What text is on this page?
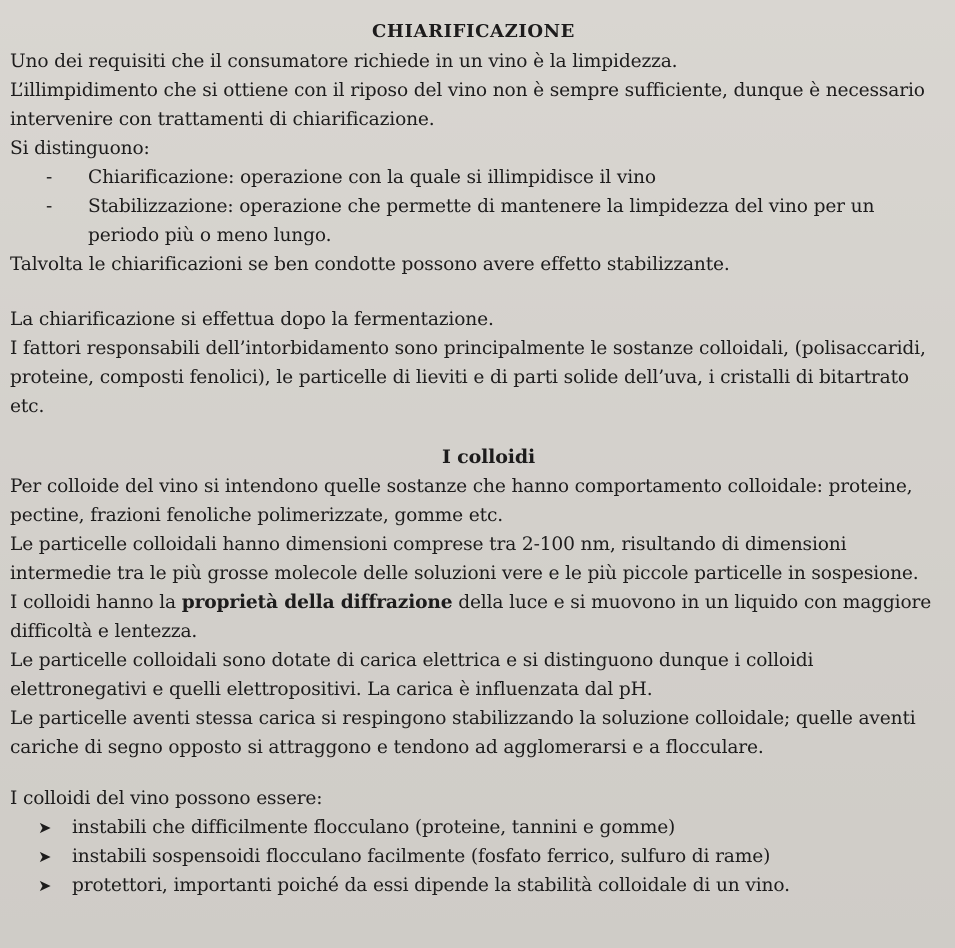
CHIARIFICAZIONE

Uno dei requisiti che il consumatore richiede in un vino è la limpidezza.

L’illimpidimento che si ottiene con il riposo del vino non è sempre sufficiente, dunque è necessario intervenire con trattamenti di chiarificazione.

Si distinguono:

- Chiarificazione: operazione con la quale si illimpidisce il vino
- Stabilizzazione: operazione che permette di mantenere la limpidezza del vino per un periodo più o meno lungo.

Talvolta le chiarificazioni se ben condotte possono avere effetto stabilizzante.

La chiarificazione si effettua dopo la fermentazione.

I fattori responsabili dell’intorbidamento sono principalmente le sostanze colloidali, (polisaccaridi, proteine, composti fenolici), le particelle di lieviti e di parti solide dell’uva, i cristalli di bitartrato etc.

I colloidi

Per colloide del vino si intendono quelle sostanze che hanno comportamento colloidale: proteine, pectine, frazioni fenoliche polimerizzate, gomme etc.

Le particelle colloidali hanno dimensioni comprese tra 2-100 nm, risultando di dimensioni intermedie tra le più grosse molecole delle soluzioni vere e le più piccole particelle in sospesione.

I colloidi hanno la proprietà della diffrazione della luce e si muovono in un liquido con maggiore difficoltà e lentezza.

Le particelle colloidali sono dotate di carica elettrica e si distinguono dunque i colloidi elettronegativi e quelli elettropositivi. La carica è influenzata dal pH.

Le particelle aventi stessa carica si respingono stabilizzando la soluzione colloidale; quelle aventi cariche di segno opposto si attraggono e tendono ad agglomerarsi e a flocculare.

I colloidi del vino possono essere:

➤ instabili che difficilmente flocculano (proteine, tannini e gomme)
➤ instabili sospensoidi flocculano facilmente (fosfato ferrico, sulfuro di rame)
➤ protettori, importanti poiché da essi dipende la stabilità colloidale di un vino.
